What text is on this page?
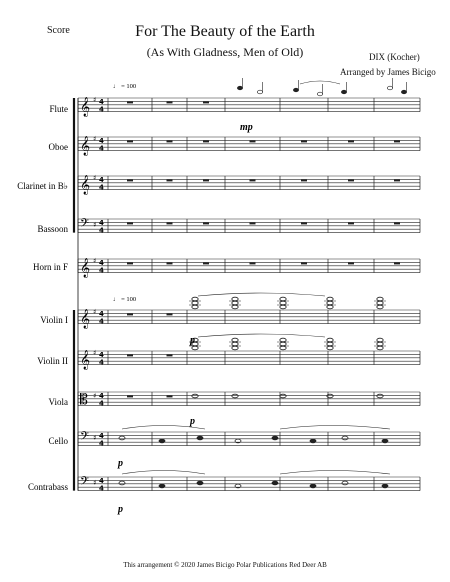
Score	For The Beauty of the Earth
(As With Gladness, Men of Old)	DIX (Kocher)
Arranged by James Bicigo
𝄞 ♯ 4
4
𝄞 ♯ 4
4
𝄞 ♯ 4
4
𝄢 ♯ 4
4
𝄞 ♯ 4
4
𝄞 ♯ 4
4
𝄞 ♯ 4
4
𝄡 ♯ 4
4
𝄢 ♯ 4
4
𝄢 ♯ 4
4
Flute
Oboe
Clarinet in B♭
Bassoon
Horn in F
Violin I
Violin II
Viola
Cello
Contrabass
♩ = 100
♩ = 100
mp
p
p
p
p
This arrangement © 2020 James Bicigo Polar Publications Red Deer AB
